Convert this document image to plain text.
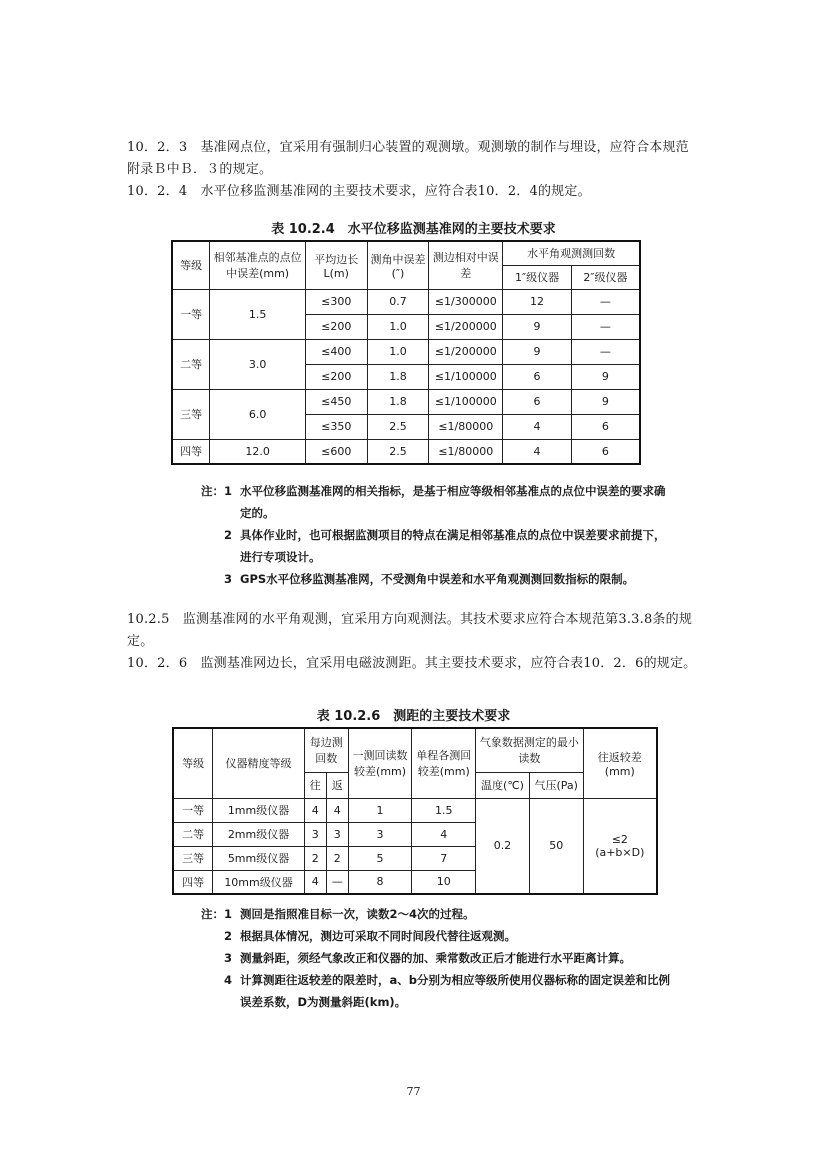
10．2．3　基准网点位，宜采用有强制归心装置的观测墩。观测墩的制作与埋设，应符合本规范附录Ｂ中Ｂ．３的规定。

10．2．4　水平位移监测基准网的主要技术要求，应符合表10．2．4的规定。

表 10.2.4　水平位移监测基准网的主要技术要求

等级	相邻基准点的点位中误差(mm)	平均边长L(m)	测角中误差(″)	测边相对中误差	水平角观测测回数	
					1″级仪器	2″级仪器
一等	1.5	≤300	0.7	≤1/300000	12	—
		≤200	1.0	≤1/200000	9	—
二等	3.0	≤400	1.0	≤1/200000	9	—
		≤200	1.8	≤1/100000	6	9
三等	6.0	≤450	1.8	≤1/100000	6	9
		≤350	2.5	≤1/80000	4	6
四等	12.0	≤600	2.5	≤1/80000	4	6
注：1 水平位移监测基准网的相关指标，是基于相应等级相邻基准点的点位中误差的要求确定的。
2 具体作业时，也可根据监测项目的特点在满足相邻基准点的点位中误差要求前提下，进行专项设计。
3 GPS水平位移监测基准网，不受测角中误差和水平角观测测回数指标的限制。

10.2.5　监测基准网的水平角观测，宜采用方向观测法。其技术要求应符合本规范第3.3.8条的规定。

10．2．6　监测基准网边长，宜采用电磁波测距。其主要技术要求，应符合表10．2．6的规定。

表 10.2.6　测距的主要技术要求

等级	仪器精度等级	每边测回数		一测回读数较差(mm)	单程各测回较差(mm)	气象数据测定的最小读数		往返较差(mm)
		往	返			温度(℃)	气压(Pa)	
一等	1mm级仪器	4	4	1	1.5	0.2	50	≤2
(a+b×D)

二等	2mm级仪器	3	3	3	4			
三等	5mm级仪器	2	2	5	7			
四等	10mm级仪器	4	—	8	10			
注：1 测回是指照准目标一次，读数2～4次的过程。
2 根据具体情况，测边可采取不同时间段代替往返观测。
3 测量斜距，须经气象改正和仪器的加、乘常数改正后才能进行水平距离计算。
4 计算测距往返较差的限差时，a、b分别为相应等级所使用仪器标称的固定误差和比例误差系数，D为测量斜距(km)。
77
